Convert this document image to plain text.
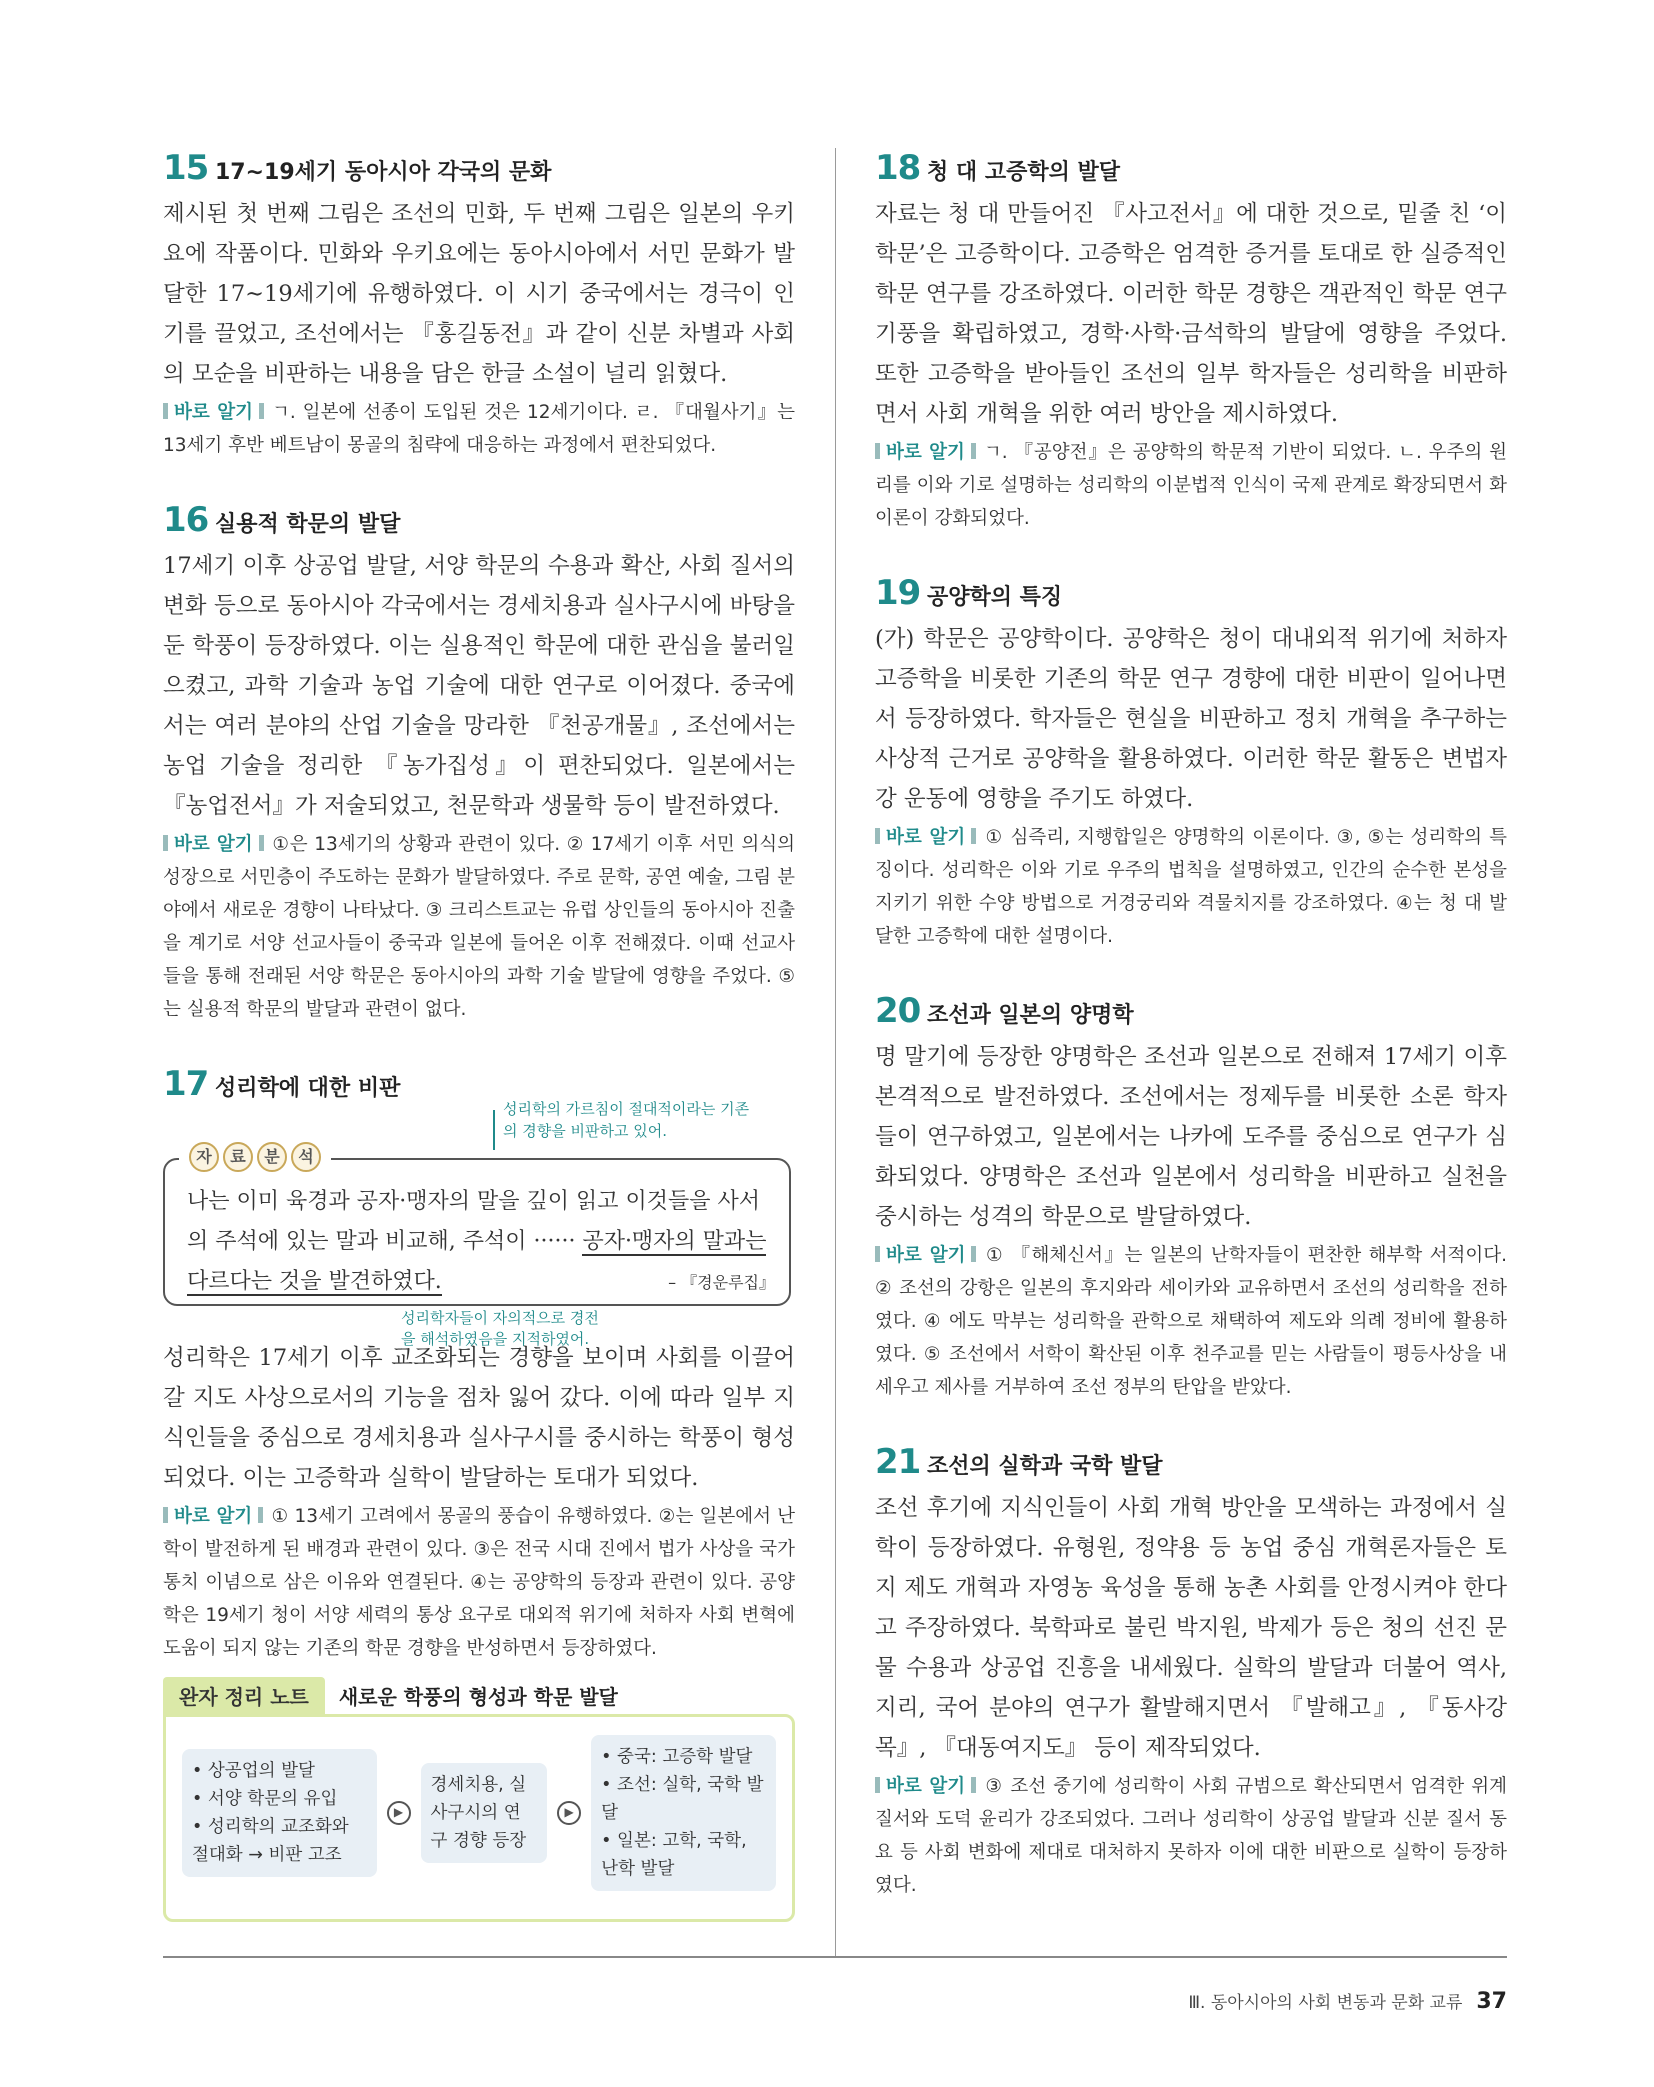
15 17∼19세기 동아시아 각국의 문화
제시된 첫 번째 그림은 조선의 민화, 두 번째 그림은 일본의 우키요에 작품이다. 민화와 우키요에는 동아시아에서 서민 문화가 발달한 17∼19세기에 유행하였다. 이 시기 중국에서는 경극이 인기를 끌었고, 조선에서는 『홍길동전』과 같이 신분 차별과 사회의 모순을 비판하는 내용을 담은 한글 소설이 널리 읽혔다.
바로 알기 ㄱ. 일본에 선종이 도입된 것은 12세기이다. ㄹ. 『대월사기』는 13세기 후반 베트남이 몽골의 침략에 대응하는 과정에서 편찬되었다.
16 실용적 학문의 발달
17세기 이후 상공업 발달, 서양 학문의 수용과 확산, 사회 질서의 변화 등으로 동아시아 각국에서는 경세치용과 실사구시에 바탕을 둔 학풍이 등장하였다. 이는 실용적인 학문에 대한 관심을 불러일으켰고, 과학 기술과 농업 기술에 대한 연구로 이어졌다. 중국에서는 여러 분야의 산업 기술을 망라한 『천공개물』, 조선에서는 농업 기술을 정리한 『농가집성』이 편찬되었다. 일본에서는 『농업전서』가 저술되었고, 천문학과 생물학 등이 발전하였다.
바로 알기 ①은 13세기의 상황과 관련이 있다. ② 17세기 이후 서민 의식의 성장으로 서민층이 주도하는 문화가 발달하였다. 주로 문학, 공연 예술, 그림 분야에서 새로운 경향이 나타났다. ③ 크리스트교는 유럽 상인들의 동아시아 진출을 계기로 서양 선교사들이 중국과 일본에 들어온 이후 전해졌다. 이때 선교사들을 통해 전래된 서양 학문은 동아시아의 과학 기술 발달에 영향을 주었다. ⑤는 실용적 학문의 발달과 관련이 없다.
17 성리학에 대한 비판
성리학의 가르침이 절대적이라는 기존의 경향을 비판하고 있어.
자	료	분	석
나는 이미 육경과 공자·맹자의 말을 깊이 읽고 이것들을 사서의 주석에 있는 말과 비교해, 주석이 ······ 공자·맹자의 말과는 다르다는 것을 발견하였다.
성리학자들이 자의적으로 경전을 해석하였음을 지적하였어.
– 『경운루집』
성리학은 17세기 이후 교조화되는 경향을 보이며 사회를 이끌어 갈 지도 사상으로서의 기능을 점차 잃어 갔다. 이에 따라 일부 지식인들을 중심으로 경세치용과 실사구시를 중시하는 학풍이 형성되었다. 이는 고증학과 실학이 발달하는 토대가 되었다.
바로 알기 ① 13세기 고려에서 몽골의 풍습이 유행하였다. ②는 일본에서 난학이 발전하게 된 배경과 관련이 있다. ③은 전국 시대 진에서 법가 사상을 국가 통치 이념으로 삼은 이유와 연결된다. ④는 공양학의 등장과 관련이 있다. 공양학은 19세기 청이 서양 세력의 통상 요구로 대외적 위기에 처하자 사회 변혁에 도움이 되지 않는 기존의 학문 경향을 반성하면서 등장하였다.
완자 정리 노트	새로운 학풍의 형성과 학문 발달
• 상공업의 발달
• 서양 학문의 유입
• 성리학의 교조화와 절대화 → 비판 고조
▶
경세치용, 실사구시의 연구 경향 등장
▶
• 중국: 고증학 발달
• 조선: 실학, 국학 발달
• 일본: 고학, 국학, 난학 발달
18 청 대 고증학의 발달
자료는 청 대 만들어진 『사고전서』에 대한 것으로, 밑줄 친 ‘이 학문’은 고증학이다. 고증학은 엄격한 증거를 토대로 한 실증적인 학문 연구를 강조하였다. 이러한 학문 경향은 객관적인 학문 연구 기풍을 확립하였고, 경학·사학·금석학의 발달에 영향을 주었다. 또한 고증학을 받아들인 조선의 일부 학자들은 성리학을 비판하면서 사회 개혁을 위한 여러 방안을 제시하였다.
바로 알기 ㄱ. 『공양전』은 공양학의 학문적 기반이 되었다. ㄴ. 우주의 원리를 이와 기로 설명하는 성리학의 이분법적 인식이 국제 관계로 확장되면서 화이론이 강화되었다.
19 공양학의 특징
(가) 학문은 공양학이다. 공양학은 청이 대내외적 위기에 처하자 고증학을 비롯한 기존의 학문 연구 경향에 대한 비판이 일어나면서 등장하였다. 학자들은 현실을 비판하고 정치 개혁을 추구하는 사상적 근거로 공양학을 활용하였다. 이러한 학문 활동은 변법자강 운동에 영향을 주기도 하였다.
바로 알기 ① 심즉리, 지행합일은 양명학의 이론이다. ③, ⑤는 성리학의 특징이다. 성리학은 이와 기로 우주의 법칙을 설명하였고, 인간의 순수한 본성을 지키기 위한 수양 방법으로 거경궁리와 격물치지를 강조하였다. ④는 청 대 발달한 고증학에 대한 설명이다.
20 조선과 일본의 양명학
명 말기에 등장한 양명학은 조선과 일본으로 전해져 17세기 이후 본격적으로 발전하였다. 조선에서는 정제두를 비롯한 소론 학자들이 연구하였고, 일본에서는 나카에 도주를 중심으로 연구가 심화되었다. 양명학은 조선과 일본에서 성리학을 비판하고 실천을 중시하는 성격의 학문으로 발달하였다.
바로 알기 ① 『해체신서』는 일본의 난학자들이 편찬한 해부학 서적이다. ② 조선의 강항은 일본의 후지와라 세이카와 교유하면서 조선의 성리학을 전하였다. ④ 에도 막부는 성리학을 관학으로 채택하여 제도와 의례 정비에 활용하였다. ⑤ 조선에서 서학이 확산된 이후 천주교를 믿는 사람들이 평등사상을 내세우고 제사를 거부하여 조선 정부의 탄압을 받았다.
21 조선의 실학과 국학 발달
조선 후기에 지식인들이 사회 개혁 방안을 모색하는 과정에서 실학이 등장하였다. 유형원, 정약용 등 농업 중심 개혁론자들은 토지 제도 개혁과 자영농 육성을 통해 농촌 사회를 안정시켜야 한다고 주장하였다. 북학파로 불린 박지원, 박제가 등은 청의 선진 문물 수용과 상공업 진흥을 내세웠다. 실학의 발달과 더불어 역사, 지리, 국어 분야의 연구가 활발해지면서 『발해고』, 『동사강목』, 『대동여지도』 등이 제작되었다.
바로 알기 ③ 조선 중기에 성리학이 사회 규범으로 확산되면서 엄격한 위계질서와 도덕 윤리가 강조되었다. 그러나 성리학이 상공업 발달과 신분 질서 동요 등 사회 변화에 제대로 대처하지 못하자 이에 대한 비판으로 실학이 등장하였다.
Ⅲ. 동아시아의 사회 변동과 문화 교류 37
